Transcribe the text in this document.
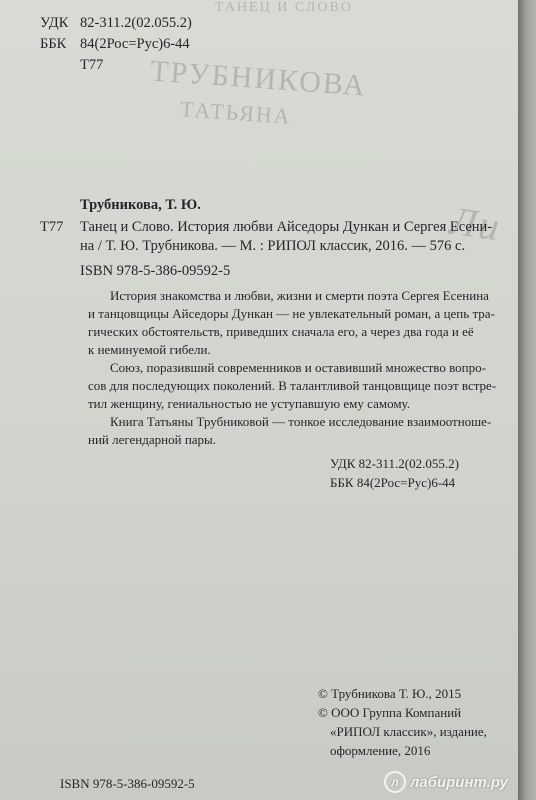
ТАНЕЦ И СЛОВО
ТРУБНИКОВА
ТАТЬЯНА
Ли
УДК 82-311.2(02.055.2)
ББК 84(2Рос=Рус)6-44
Т77
Трубникова, Т. Ю.
Т77 Танец и Слово. История любви Айседоры Дункан и Сергея Есени-
на / Т. Ю. Трубникова. — М. : РИПОЛ классик, 2016. — 576 с.
ISBN 978-5-386-09592-5
История знакомства и любви, жизни и смерти поэта Сергея Есенина
и танцовщицы Айседоры Дункан — не увлекательный роман, а цепь тра-
гических обстоятельств, приведших сначала его, а через два года и её
к неминуемой гибели.
Союз, поразивший современников и оставивший множество вопро-
сов для последующих поколений. В талантливой танцовщице поэт встре-
тил женщину, гениальностью не уступавшую ему самому.
Книга Татьяны Трубниковой — тонкое исследование взаимоотноше-
ний легендарной пары.
УДК 82-311.2(02.055.2)
ББК 84(2Рос=Рус)6-44
© Трубникова Т. Ю., 2015
© ООО Группа Компаний
«РИПОЛ классик», издание,
оформление, 2016
ISBN 978-5-386-09592-5	л лабиринт.ру
